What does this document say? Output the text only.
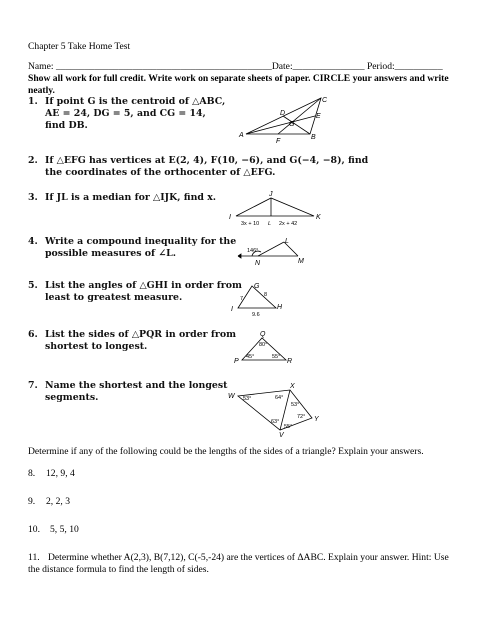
Chapter 5 Take Home Test
Name: _____________________________________________Date:_______________ Period:__________
Show all work for full credit. Write work on separate sheets of paper. CIRCLE your answers and write neatly.
1. If point G is the centroid of △ABC,
AE = 24, DG = 5, and CG = 14,
find DB.
C
D	E
G
A
F
B
2. If △EFG has vertices at E(2, 4), F(10, −6), and G(−4, −8), find
the coordinates of the orthocenter of △EFG.
3. If JL is a median for △IJK, find x.	J
I	K
L
3x + 10	2x + 42
4. Write a compound inequality for the
possible measures of ∠L.
L
N	M
146°
5. List the angles of △GHI in order from
least to greatest measure.
G
I	H
7
8
9.6
6. List the sides of △PQR in order from
shortest to longest.
Q
P	R
80°
45°	55°
7. Name the shortest and the longest
segments.	W
X
Y
V
53°	64°
53°
63°
72°
55°
Determine if any of the following could be the lengths of the sides of a triangle? Explain your answers.
8. 12, 9, 4
9. 2, 2, 3
10. 5, 5, 10
11. Determine whether A(2,3), B(7,12), C(-5,-24) are the vertices of ΔABC. Explain your answer. Hint: Use
the distance formula to find the length of sides.
